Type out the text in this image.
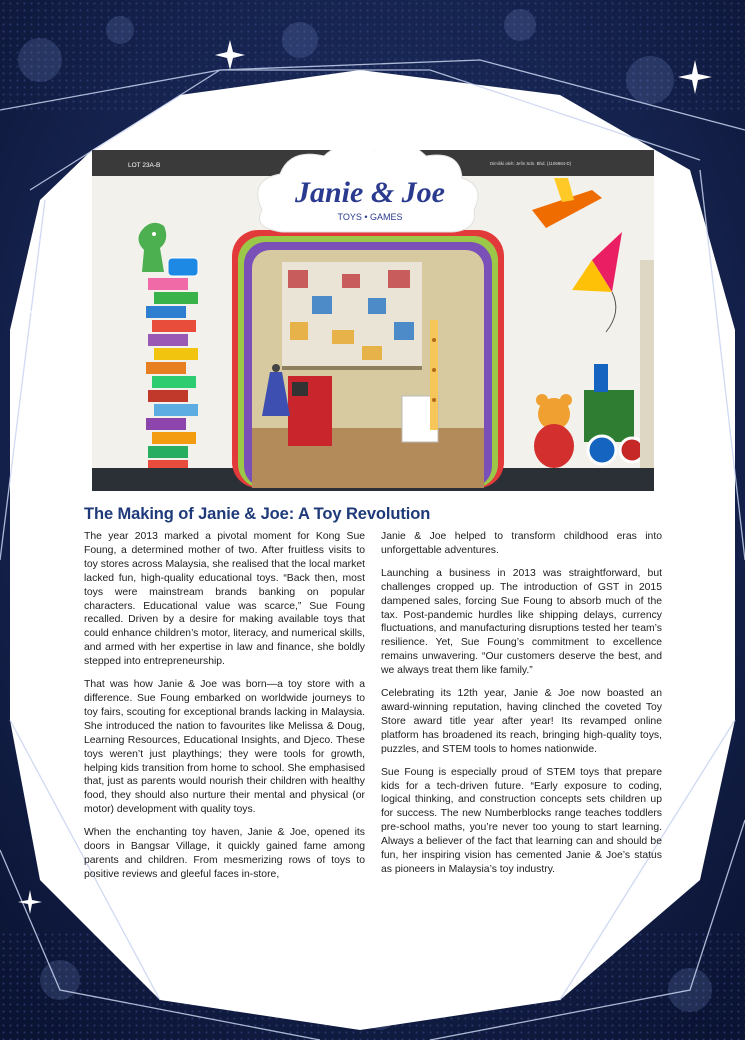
LOT 23A-B	Dimiliki oleh: Jefin Sdn. Bhd. (1106884-D)
Janie & Joe
TOYS • GAMES
The Making of Janie & Joe: A Toy Revolution

The year 2013 marked a pivotal moment for Kong Sue Foung, a determined mother of two. After fruitless visits to toy stores across Malaysia, she realised that the local market lacked fun, high-quality educational toys. “Back then, most toys were mainstream brands banking on popular characters. Educational value was scarce,” Sue Foung recalled. Driven by a desire for making available toys that could enhance children’s motor, literacy, and numerical skills, and armed with her expertise in law and finance, she boldly stepped into entrepreneurship.

That was how Janie & Joe was born—a toy store with a difference. Sue Foung embarked on worldwide journeys to toy fairs, scouting for exceptional brands lacking in Malaysia. She introduced the nation to favourites like Melissa & Doug, Learning Resources, Educational Insights, and Djeco. These toys weren’t just playthings; they were tools for growth, helping kids transition from home to school. She emphasised that, just as parents would nourish their children with healthy food, they should also nurture their mental and physical (or motor) development with quality toys.

When the enchanting toy haven, Janie & Joe, opened its doors in Bangsar Village, it quickly gained fame among parents and children. From mesmerizing rows of toys to positive reviews and gleeful faces in-store,

Janie & Joe helped to transform childhood eras into unforgettable adventures.

Launching a business in 2013 was straightforward, but challenges cropped up. The introduction of GST in 2015 dampened sales, forcing Sue Foung to absorb much of the tax. Post-pandemic hurdles like shipping delays, currency fluctuations, and manufacturing disruptions tested her team’s resilience. Yet, Sue Foung’s commitment to excellence remains unwavering. “Our customers deserve the best, and we always treat them like family.”

Celebrating its 12th year, Janie & Joe now boasted an award-winning reputation, having clinched the coveted Toy Store award title year after year! Its revamped online platform has broadened its reach, bringing high-quality toys, puzzles, and STEM tools to homes nationwide.

Sue Foung is especially proud of STEM toys that prepare kids for a tech-driven future. “Early exposure to coding, logical thinking, and construction concepts sets children up for success. The new Numberblocks range teaches toddlers pre-school maths, you’re never too young to start learning. Always a believer of the fact that learning can and should be fun, her inspiring vision has cemented Janie & Joe’s status as pioneers in Malaysia’s toy industry.
